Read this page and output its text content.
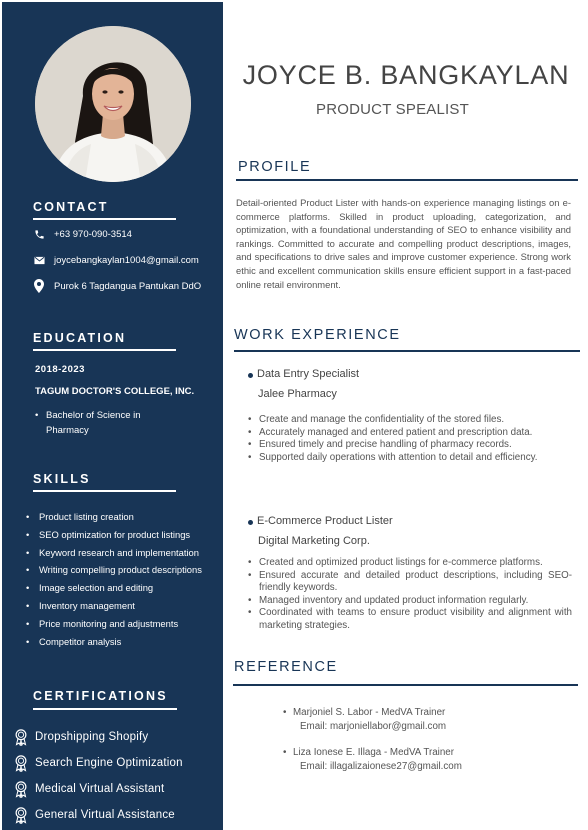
CONTACT
+63 970-090-3514
joycebangkaylan1004@gmail.com
Purok 6 Tagdangua Pantukan DdO
EDUCATION
2018-2023
TAGUM DOCTOR'S COLLEGE, INC.
• Bachelor of Science in Pharmacy
SKILLS
• Product listing creation
• SEO optimization for product listings
• Keyword research and implementation
• Writing compelling product descriptions
• Image selection and editing
• Inventory management
• Price monitoring and adjustments
• Competitor analysis
CERTIFICATIONS
Dropshipping Shopify
Search Engine Optimization
Medical Virtual Assistant
General Virtual Assistance
JOYCE B. BANGKAYLAN
PRODUCT SPEALIST
PROFILE

Detail-oriented Product Lister with hands-on experience managing listings on e-commerce platforms. Skilled in product uploading, categorization, and optimization, with a foundational understanding of SEO to enhance visibility and rankings. Committed to accurate and compelling product descriptions, images, and specifications to drive sales and improve customer experience. Strong work ethic and excellent communication skills ensure efficient support in a fast-paced online retail environment.

WORK EXPERIENCE
Data Entry Specialist
Jalee Pharmacy
• Create and manage the confidentiality of the stored files.
• Accurately managed and entered patient and prescription data.
• Ensured timely and precise handling of pharmacy records.
• Supported daily operations with attention to detail and efficiency.
E-Commerce Product Lister
Digital Marketing Corp.
• Created and optimized product listings for e-commerce platforms.
• Ensured accurate and detailed product descriptions, including SEO-friendly keywords.
• Managed inventory and updated product information regularly.
• Coordinated with teams to ensure product visibility and alignment with marketing strategies.
REFERENCE
• Marjoniel S. Labor - MedVA Trainer
Email: marjoniellabor@gmail.com
• Liza Ionese E. Illaga - MedVA Trainer
Email: illagalizaionese27@gmail.com
